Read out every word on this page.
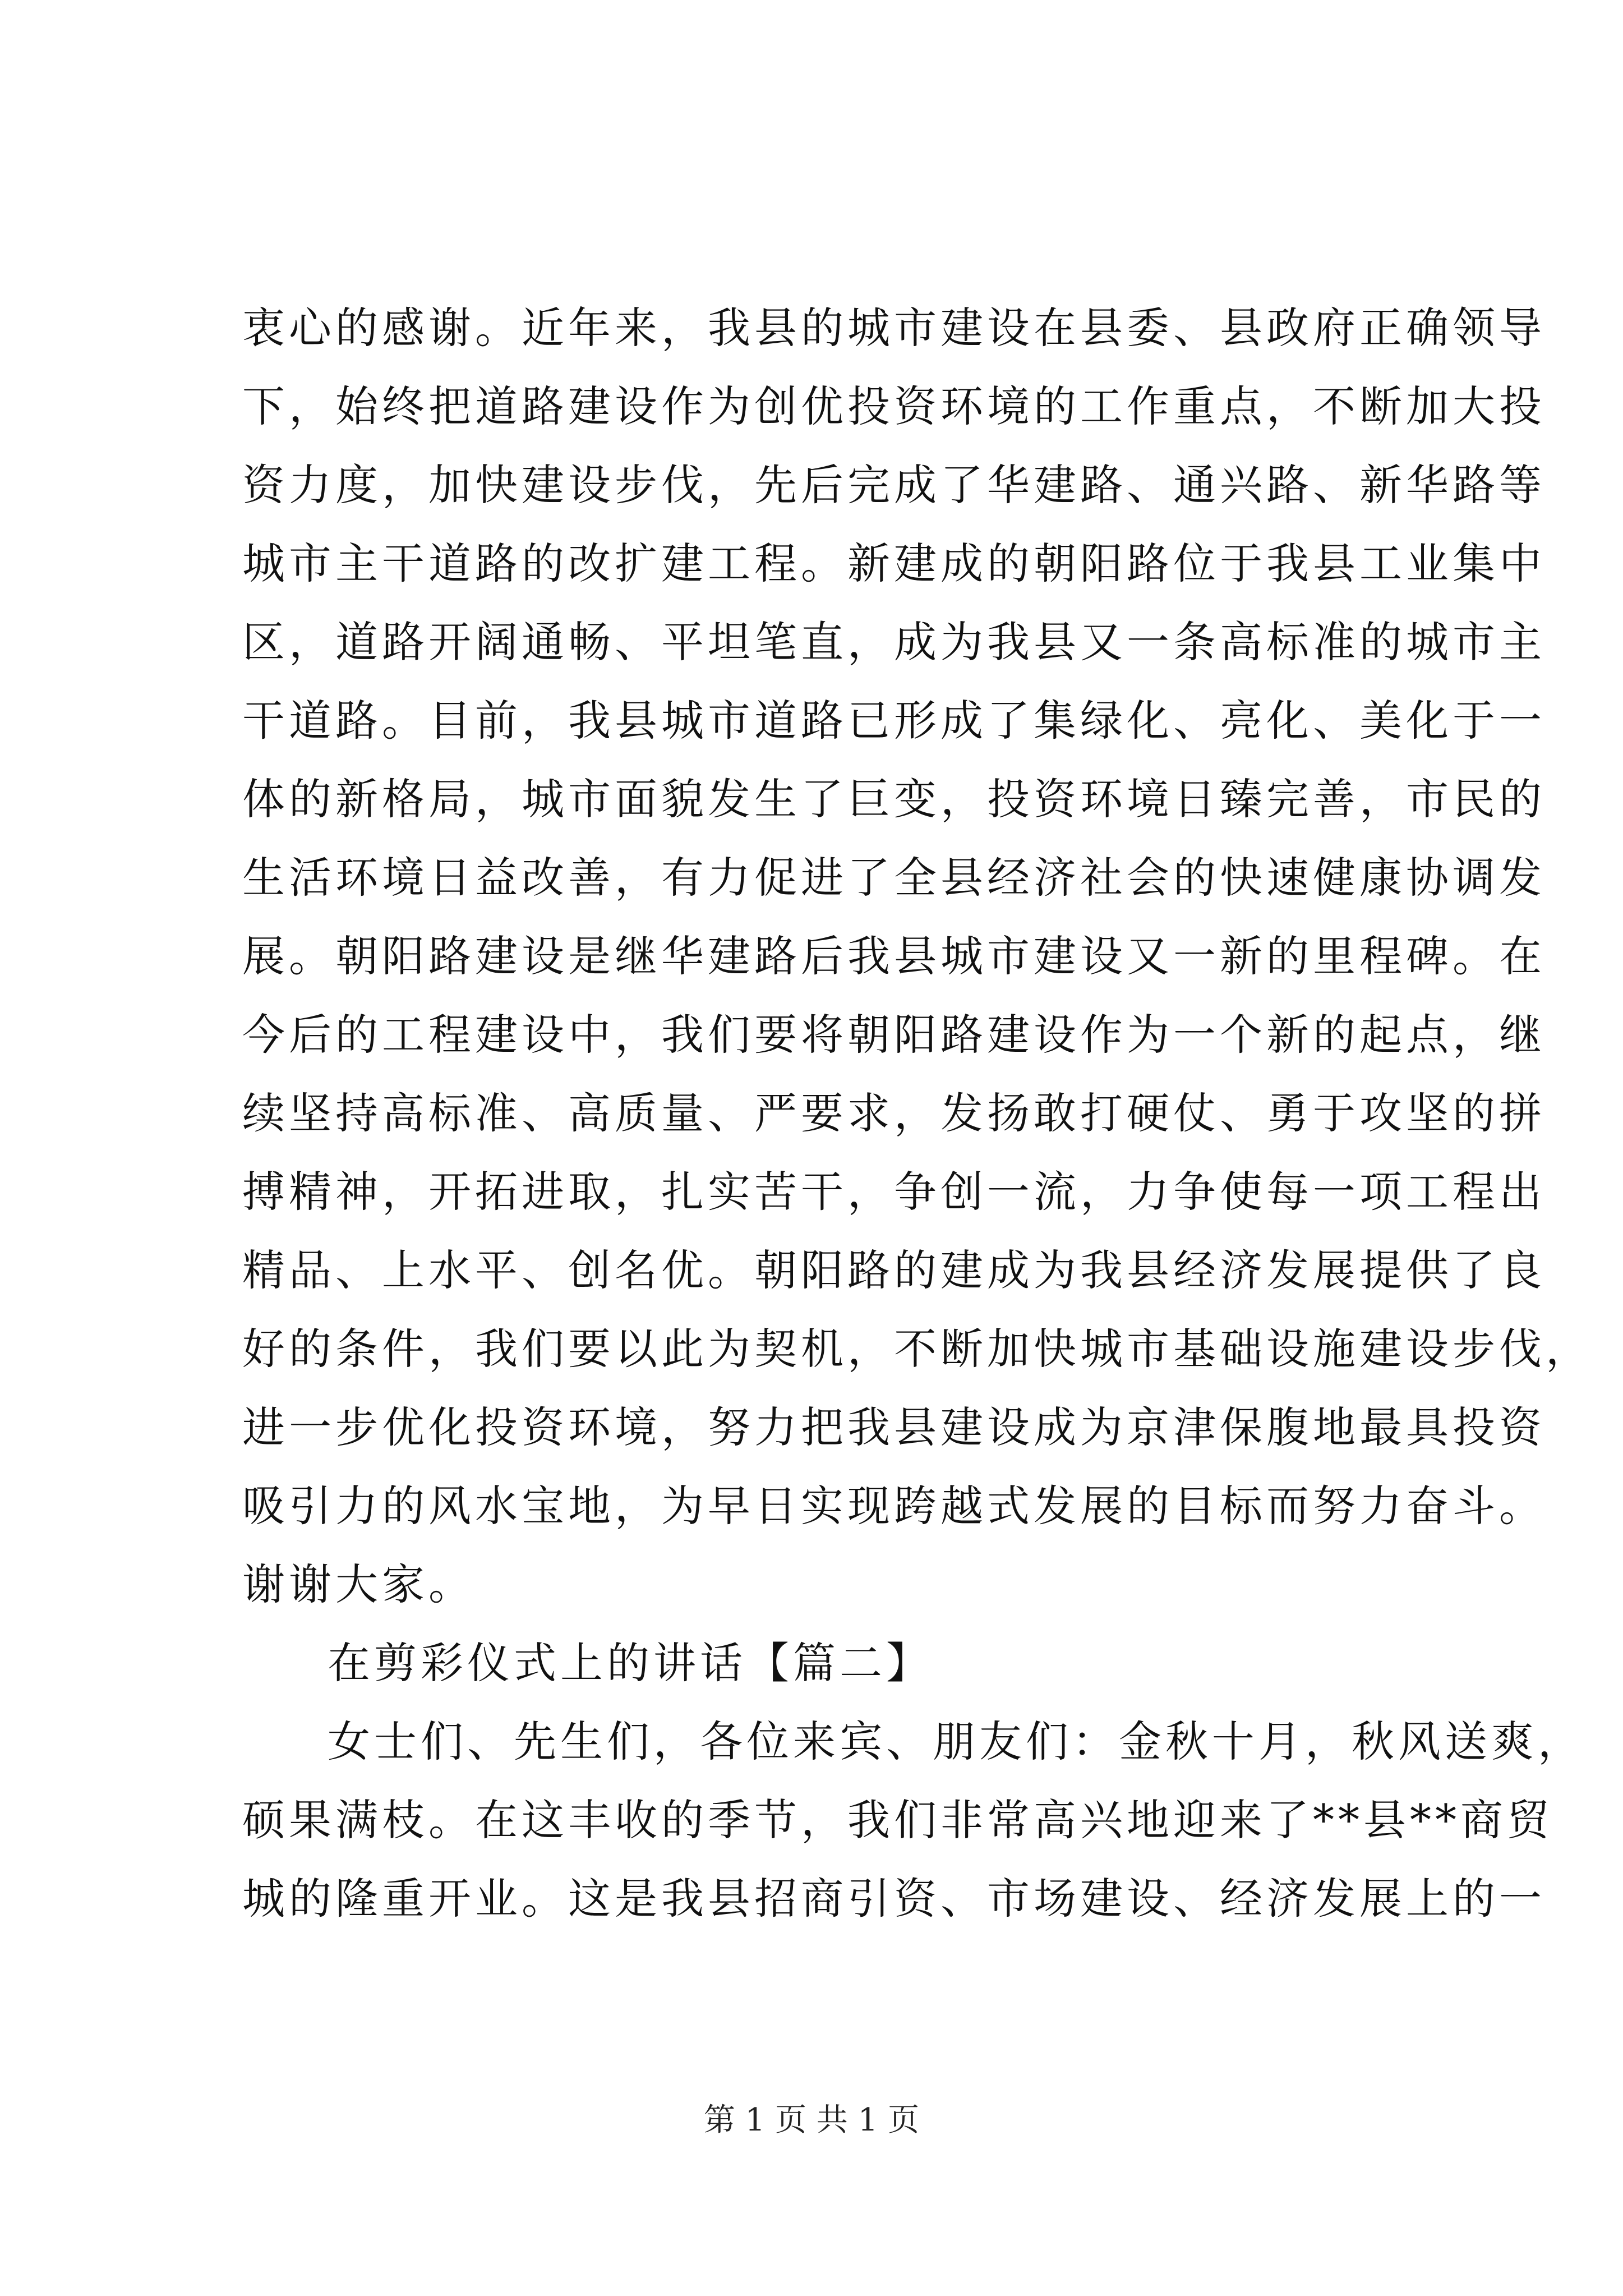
衷心的感谢。近年来，我县的城市建设在县委、县政府正确领导
下，始终把道路建设作为创优投资环境的工作重点，不断加大投
资力度，加快建设步伐，先后完成了华建路、通兴路、新华路等
城市主干道路的改扩建工程。新建成的朝阳路位于我县工业集中
区，道路开阔通畅、平坦笔直，成为我县又一条高标准的城市主
干道路。目前，我县城市道路已形成了集绿化、亮化、美化于一
体的新格局，城市面貌发生了巨变，投资环境日臻完善，市民的
生活环境日益改善，有力促进了全县经济社会的快速健康协调发
展。朝阳路建设是继华建路后我县城市建设又一新的里程碑。在
今后的工程建设中，我们要将朝阳路建设作为一个新的起点，继
续坚持高标准、高质量、严要求，发扬敢打硬仗、勇于攻坚的拼
搏精神，开拓进取，扎实苦干，争创一流，力争使每一项工程出
精品、上水平、创名优。朝阳路的建成为我县经济发展提供了良
好的条件，我们要以此为契机，不断加快城市基础设施建设步伐，
进一步优化投资环境，努力把我县建设成为京津保腹地最具投资
吸引力的风水宝地，为早日实现跨越式发展的目标而努力奋斗。
谢谢大家。
在剪彩仪式上的讲话【篇二】
女士们、先生们，各位来宾、朋友们：金秋十月，秋风送爽，
硕果满枝。在这丰收的季节，我们非常高兴地迎来了**县**商贸
城的隆重开业。这是我县招商引资、市场建设、经济发展上的一
第 1 页 共 1 页
